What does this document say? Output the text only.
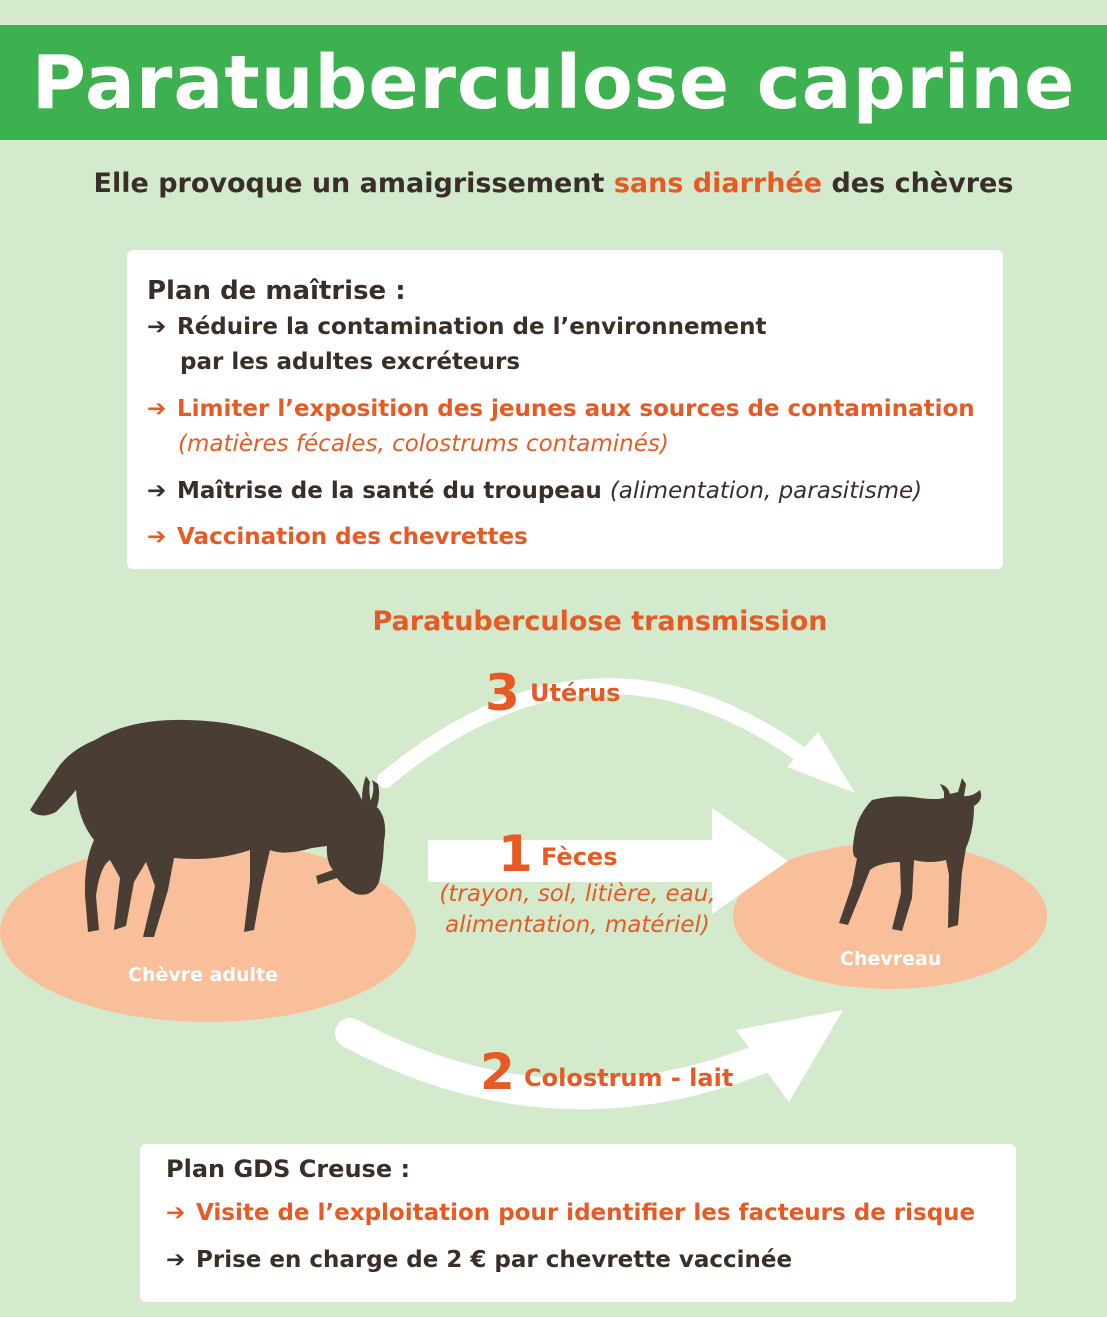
Paratuberculose caprine
Elle provoque un amaigrissement sans diarrhée des chèvres
Plan de maîtrise :
➔ Réduire la contamination de l’environnement
par les adultes excréteurs
➔ Limiter l’exposition des jeunes aux sources de contamination
(matières fécales, colostrums contaminés)
➔ Maîtrise de la santé du troupeau (alimentation, parasitisme)
➔ Vaccination des chevrettes
Paratuberculose transmission
3 Utérus
1 Fèces
(trayon, sol, litière, eau,
alimentation, matériel)
2 Colostrum - lait
Chèvre adulte
Chevreau
Plan GDS Creuse :
➔ Visite de l’exploitation pour identifier les facteurs de risque
➔ Prise en charge de 2 € par chevrette vaccinée
